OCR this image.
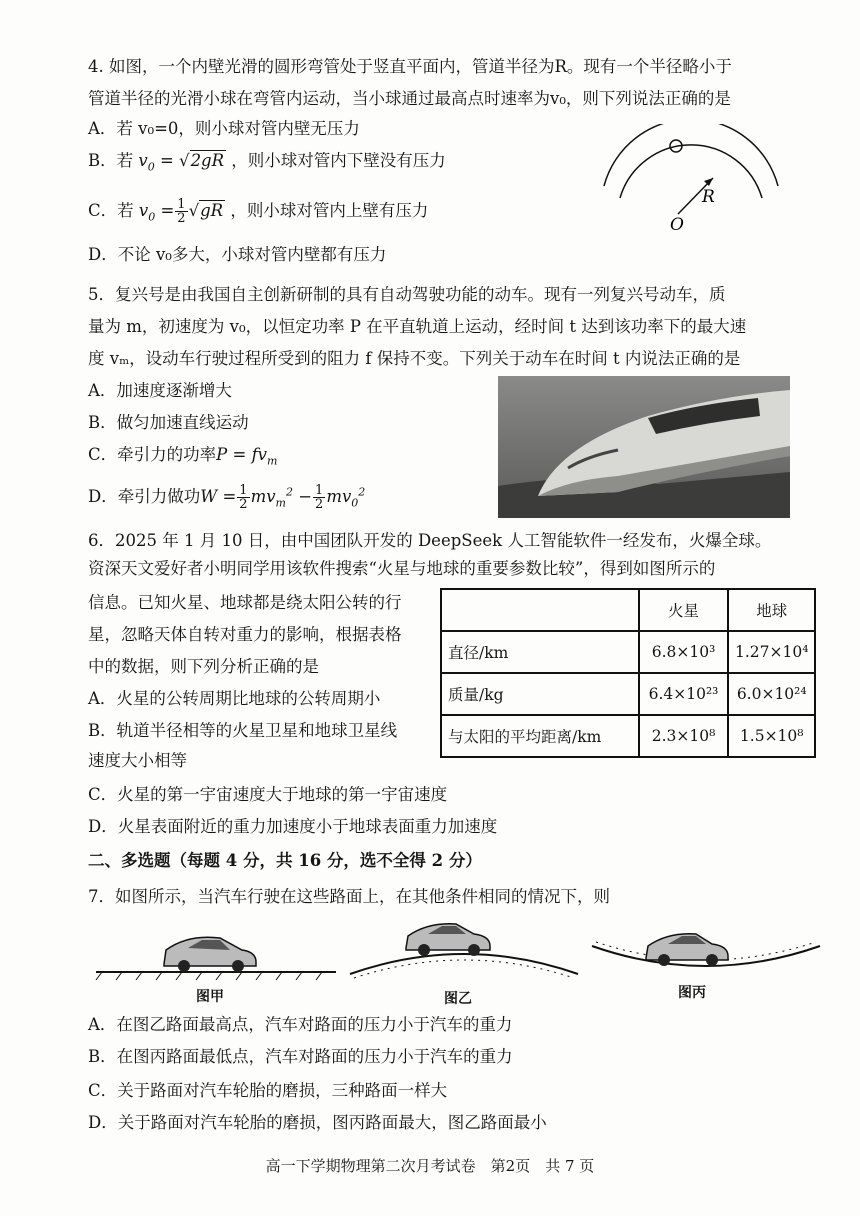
4. 如图，一个内壁光滑的圆形弯管处于竖直平面内，管道半径为R。现有一个半径略小于
管道半径的光滑小球在弯管内运动，当小球通过最高点时速率为v₀，则下列说法正确的是
A．若 v₀=0，则小球对管内壁无压力
B．若 $v_0 = √2gR$ ，则小球对管内下壁没有压力
C．若 $v_0 = \frac{1}{2} √gR$ ，则小球对管内上壁有压力
D．不论 v₀多大，小球对管内壁都有压力
R
O
5．复兴号是由我国自主创新研制的具有自动驾驶功能的动车。现有一列复兴号动车，质
量为 m，初速度为 v₀，以恒定功率 P 在平直轨道上运动，经时间 t 达到该功率下的最大速
度 vₘ，设动车行驶过程所受到的阻力 f 保持不变。下列关于动车在时间 t 内说法正确的是
A．加速度逐渐增大
B．做匀加速直线运动
C．牵引力的功率$P = fv_m$
D．牵引力做功$W = \frac{1}{2} mv_m^2 - \frac{1}{2} mv_0^2$
6．2025 年 1 月 10 日，由中国团队开发的 DeepSeek 人工智能软件一经发布，火爆全球。
资深天文爱好者小明同学用该软件搜索“火星与地球的重要参数比较”，得到如图所示的
信息。已知火星、地球都是绕太阳公转的行
星，忽略天体自转对重力的影响，根据表格
中的数据，则下列分析正确的是
A．火星的公转周期比地球的公转周期小
B．轨道半径相等的火星卫星和地球卫星线
速度大小相等
C．火星的第一宇宙速度大于地球的第一宇宙速度
D．火星表面附近的重力加速度小于地球表面重力加速度
	火星	地球
直径/km	6.8×10³	1.27×10⁴
质量/kg	6.4×10²³	6.0×10²⁴
与太阳的平均距离/km	2.3×10⁸	1.5×10⁸
二、多选题（每题 4 分，共 16 分，选不全得 2 分）
7．如图所示，当汽车行驶在这些路面上，在其他条件相同的情况下，则
图甲	图乙	图丙
A．在图乙路面最高点，汽车对路面的压力小于汽车的重力
B．在图丙路面最低点，汽车对路面的压力小于汽车的重力
C．关于路面对汽车轮胎的磨损，三种路面一样大
D．关于路面对汽车轮胎的磨损，图丙路面最大，图乙路面最小
高一下学期物理第二次月考试卷　第2页　共 7 页
